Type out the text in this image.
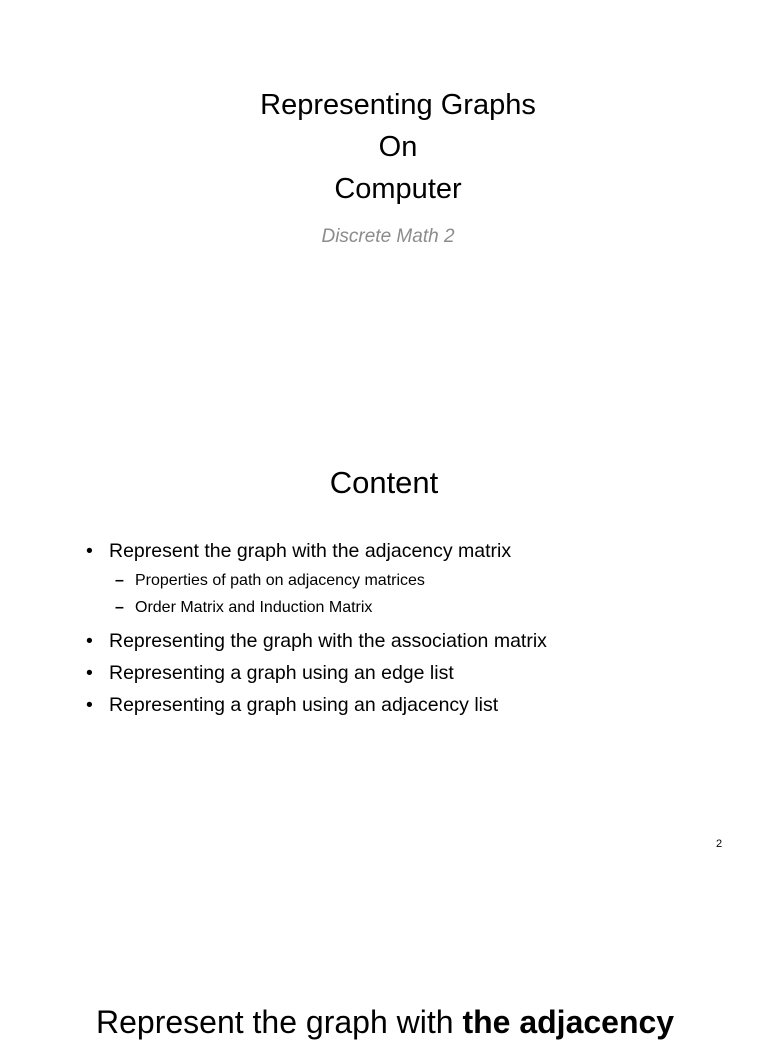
Representing Graphs
On
Computer
Discrete Math 2
Content
• Represent the graph with the adjacency matrix
– Properties of path on adjacency matrices
– Order Matrix and Induction Matrix
• Representing the graph with the association matrix
• Representing a graph using an edge list
• Representing a graph using an adjacency list
2
Represent the graph with the adjacency
